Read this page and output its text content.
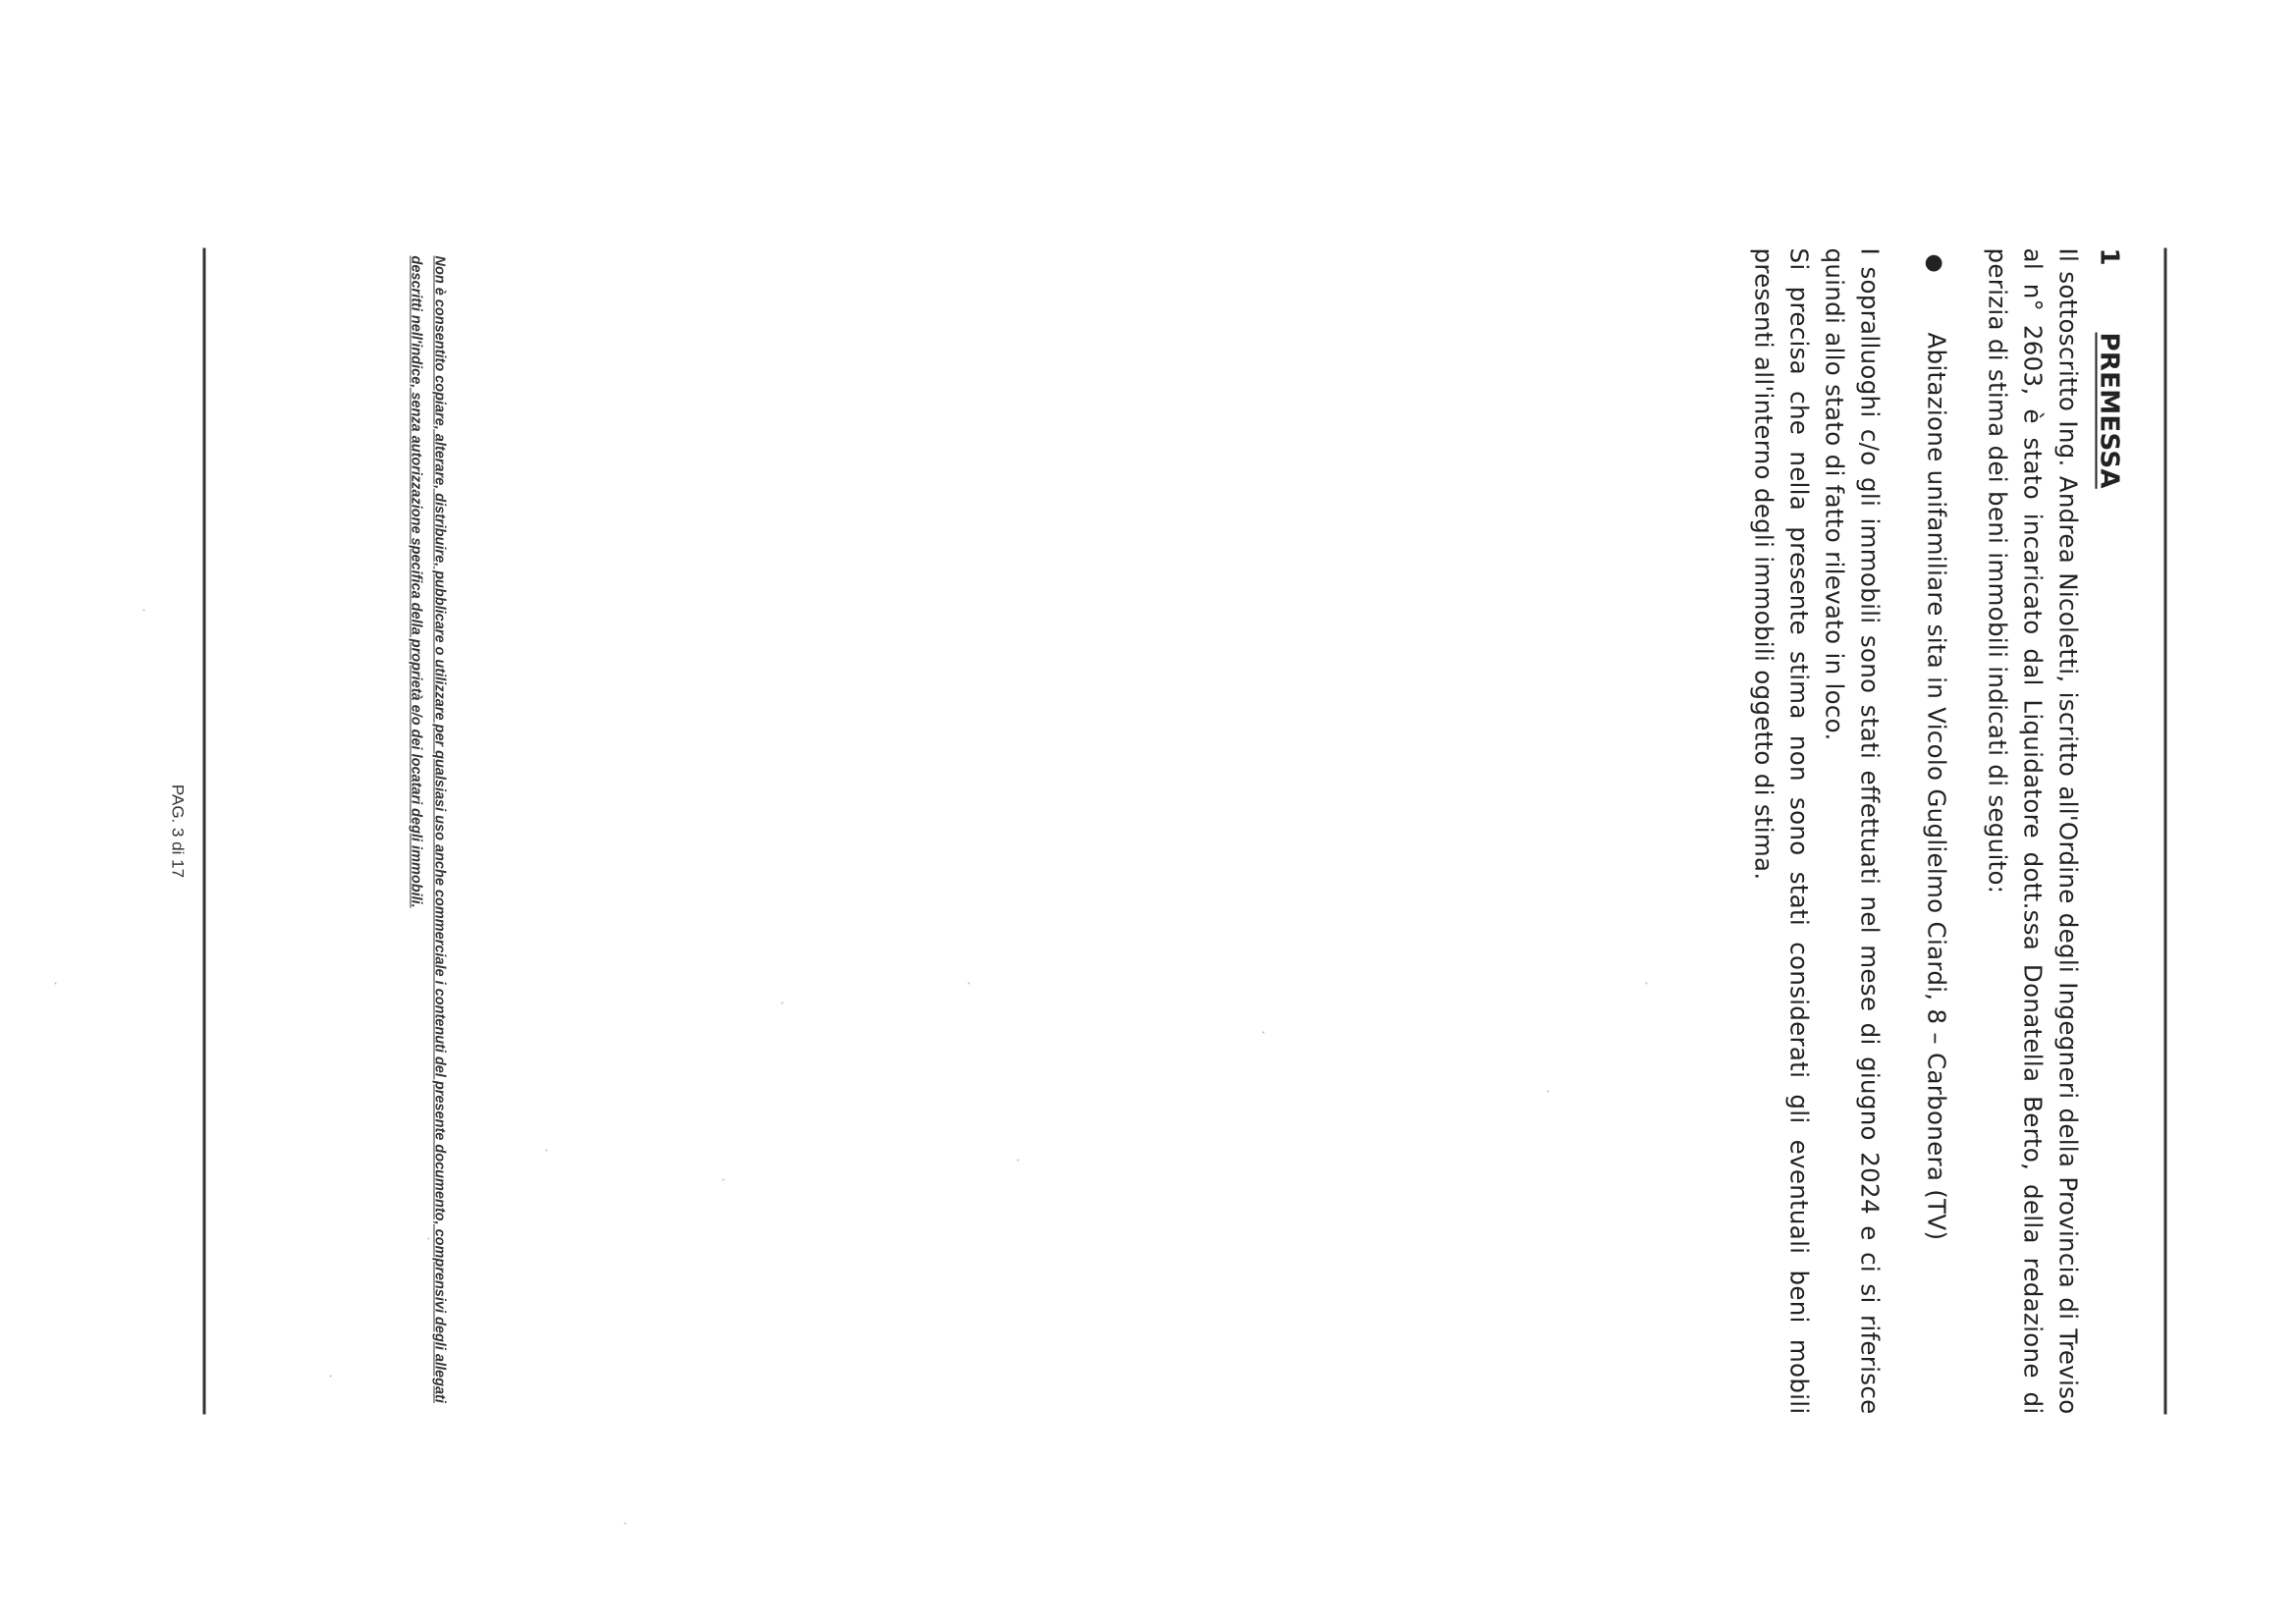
1
PREMESSA

Il sottoscritto Ing. Andrea Nicoletti, iscritto all'Ordine degli Ingegneri della Provincia di Treviso al n° 2603, è stato incaricato dal Liquidatore dott.ssa Donatella Berto, della redazione di perizia di stima dei beni immobili indicati di seguito:

●
Abitazione unifamiliare sita in Vicolo Guglielmo Ciardi, 8 – Carbonera (TV)

I sopralluoghi c/o gli immobili sono stati effettuati nel mese di giugno 2024 e ci si riferisce quindi allo stato di fatto rilevato in loco.

Si precisa che nella presente stima non sono stati considerati gli eventuali beni mobili presenti all'interno degli immobili oggetto di stima.

Non è consentito copiare, alterare, distribuire, pubblicare o utilizzare per qualsiasi uso anche commerciale i contenuti del presente documento, comprensivi degli allegati descritti nell'indice, senza autorizzazione specifica della proprietà e/o dei locatari degli immobili.
PAG. 3 di 17
